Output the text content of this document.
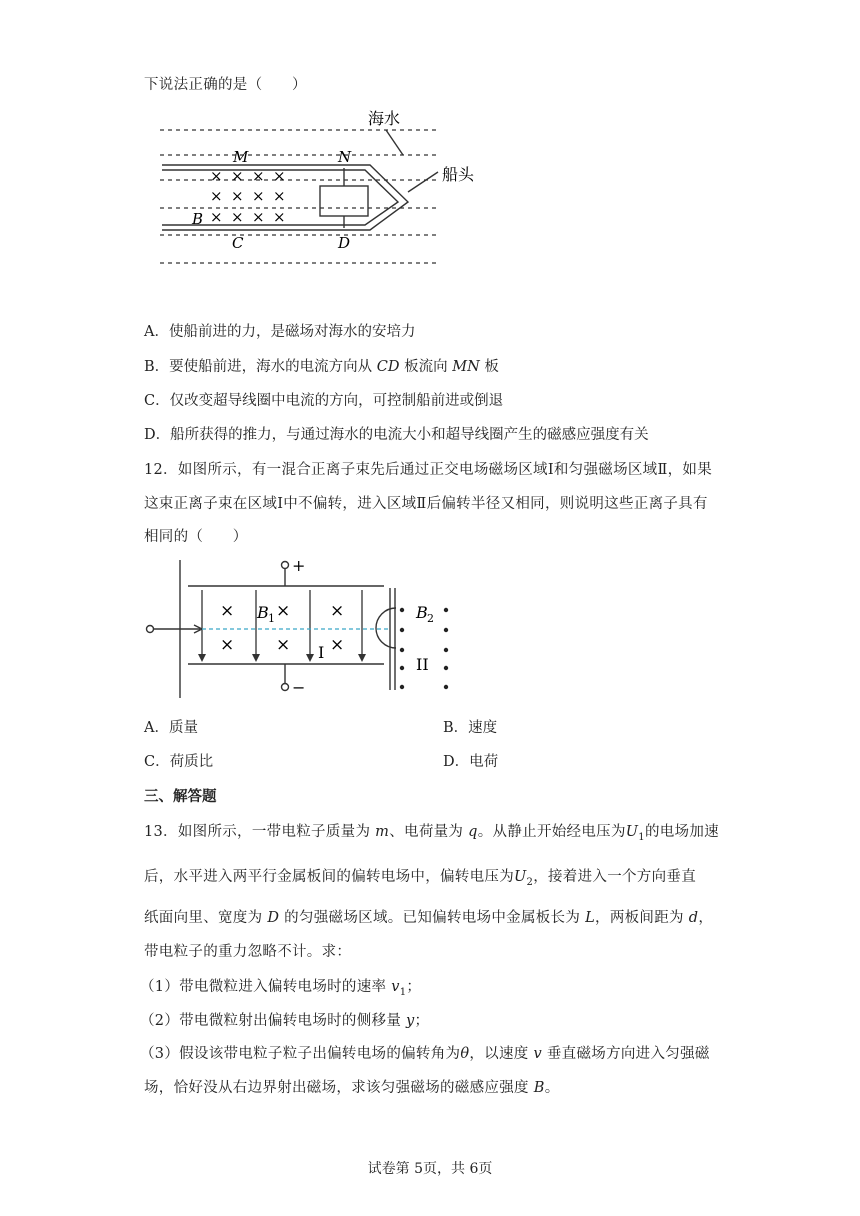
下说法正确的是（　　）
海水
船头
M	N
B
C	D
× × × ×
× × × ×
× × × ×
A．使船前进的力，是磁场对海水的安培力
B．要使船前进，海水的电流方向从 CD 板流向 MN 板
C．仅改变超导线圈中电流的方向，可控制船前进或倒退
D．船所获得的推力，与通过海水的电流大小和超导线圈产生的磁感应强度有关
12．如图所示，有一混合正离子束先后通过正交电场磁场区域Ⅰ和匀强磁场区域Ⅱ，如果
这束正离子束在区域Ⅰ中不偏转，进入区域Ⅱ后偏转半径又相同，则说明这些正离子具有
相同的（　　）
× × ×
× × ×
B 1
I
+
−
B 2
II
A．质量	B．速度
C．荷质比	D．电荷
三、解答题
13．如图所示，一带电粒子质量为 m、电荷量为 q。从静止开始经电压为$U_1$的电场加速
后，水平进入两平行金属板间的偏转电场中，偏转电压为$U_2$，接着进入一个方向垂直
纸面向里、宽度为 D 的匀强磁场区域。已知偏转电场中金属板长为 L，两板间距为 d，
带电粒子的重力忽略不计。求：
（1）带电微粒进入偏转电场时的速率 $v_1$；
（2）带电微粒射出偏转电场时的侧移量 y；
（3）假设该带电粒子粒子出偏转电场的偏转角为θ，以速度 v 垂直磁场方向进入匀强磁
场，恰好没从右边界射出磁场，求该匀强磁场的磁感应强度 B。
试卷第 5页，共 6页
